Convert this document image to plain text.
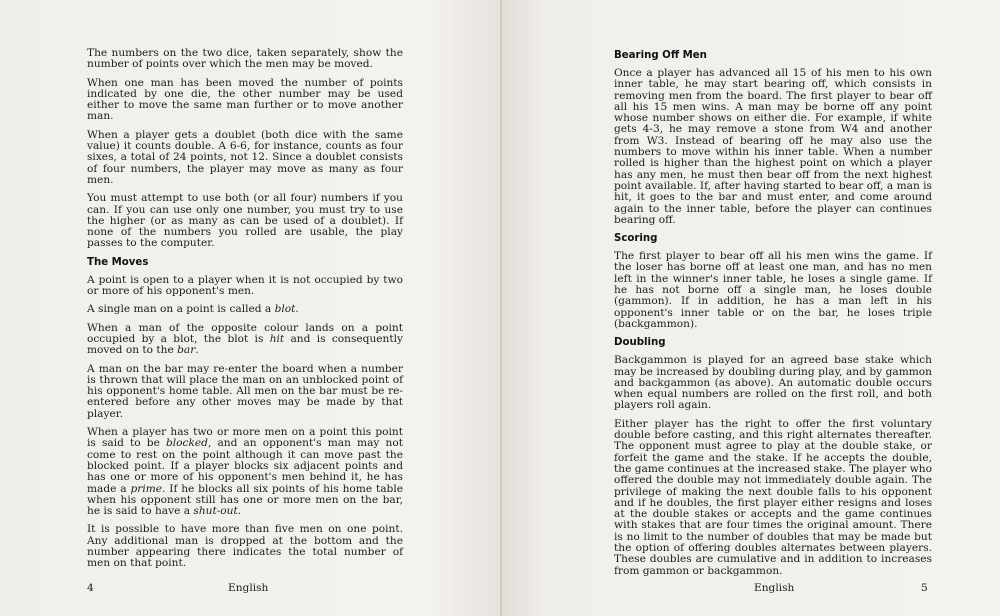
The numbers on the two dice, taken separately, show the number of points over which the men may be moved.

When one man has been moved the number of points indicated by one die, the other number may be used either to move the same man further or to move another man.

When a player gets a doublet (both dice with the same value) it counts double. A 6-6, for instance, counts as four sixes, a total of 24 points, not 12. Since a doublet consists of four numbers, the player may move as many as four men.

You must attempt to use both (or all four) numbers if you can. If you can use only one number, you must try to use the higher (or as many as can be used of a doublet). If none of the numbers you rolled are usable, the play passes to the computer.

The Moves

A point is open to a player when it is not occupied by two or more of his opponent's men.

A single man on a point is called a blot.

When a man of the opposite colour lands on a point occupied by a blot, the blot is hit and is consequently moved on to the bar.

A man on the bar may re-enter the board when a number is thrown that will place the man on an unblocked point of his opponent's home table. All men on the bar must be re-entered before any other moves may be made by that player.

When a player has two or more men on a point this point is said to be blocked, and an opponent's man may not come to rest on the point although it can move past the blocked point. If a player blocks six adjacent points and has one or more of his opponent's men behind it, he has made a prime. If he blocks all six points of his home table when his opponent still has one or more men on the bar, he is said to have a shut-out.

It is possible to have more than five men on one point. Any additional man is dropped at the bottom and the number appearing there indicates the total number of men on that point.

4	English
Bearing Off Men

Once a player has advanced all 15 of his men to his own inner table, he may start bearing off, which consists in removing men from the board. The first player to bear off all his 15 men wins. A man may be borne off any point whose number shows on either die. For example, if white gets 4-3, he may remove a stone from W4 and another from W3. Instead of bearing off he may also use the numbers to move within his inner table. When a number rolled is higher than the highest point on which a player has any men, he must then bear off from the next highest point available. If, after having started to bear off, a man is hit, it goes to the bar and must enter, and come around again to the inner table, before the player can continues bearing off.

Scoring

The first player to bear off all his men wins the game. If the loser has borne off at least one man, and has no men left in the winner's inner table, he loses a single game. If he has not borne off a single man, he loses double (gammon). If in addition, he has a man left in his opponent's inner table or on the bar, he loses triple (backgammon).

Doubling

Backgammon is played for an agreed base stake which may be increased by doubling during play, and by gammon and backgammon (as above). An automatic double occurs when equal numbers are rolled on the first roll, and both players roll again.

Either player has the right to offer the first voluntary double before casting, and this right alternates thereafter. The opponent must agree to play at the double stake, or forfeit the game and the stake. If he accepts the double, the game continues at the increased stake. The player who offered the double may not immediately double again. The privilege of making the next double falls to his opponent and if he doubles, the first player either resigns and loses at the double stakes or accepts and the game continues with stakes that are four times the original amount. There is no limit to the number of doubles that may be made but the option of offering doubles alternates between players. These doubles are cumulative and in addition to increases from gammon or backgammon.

English	5
